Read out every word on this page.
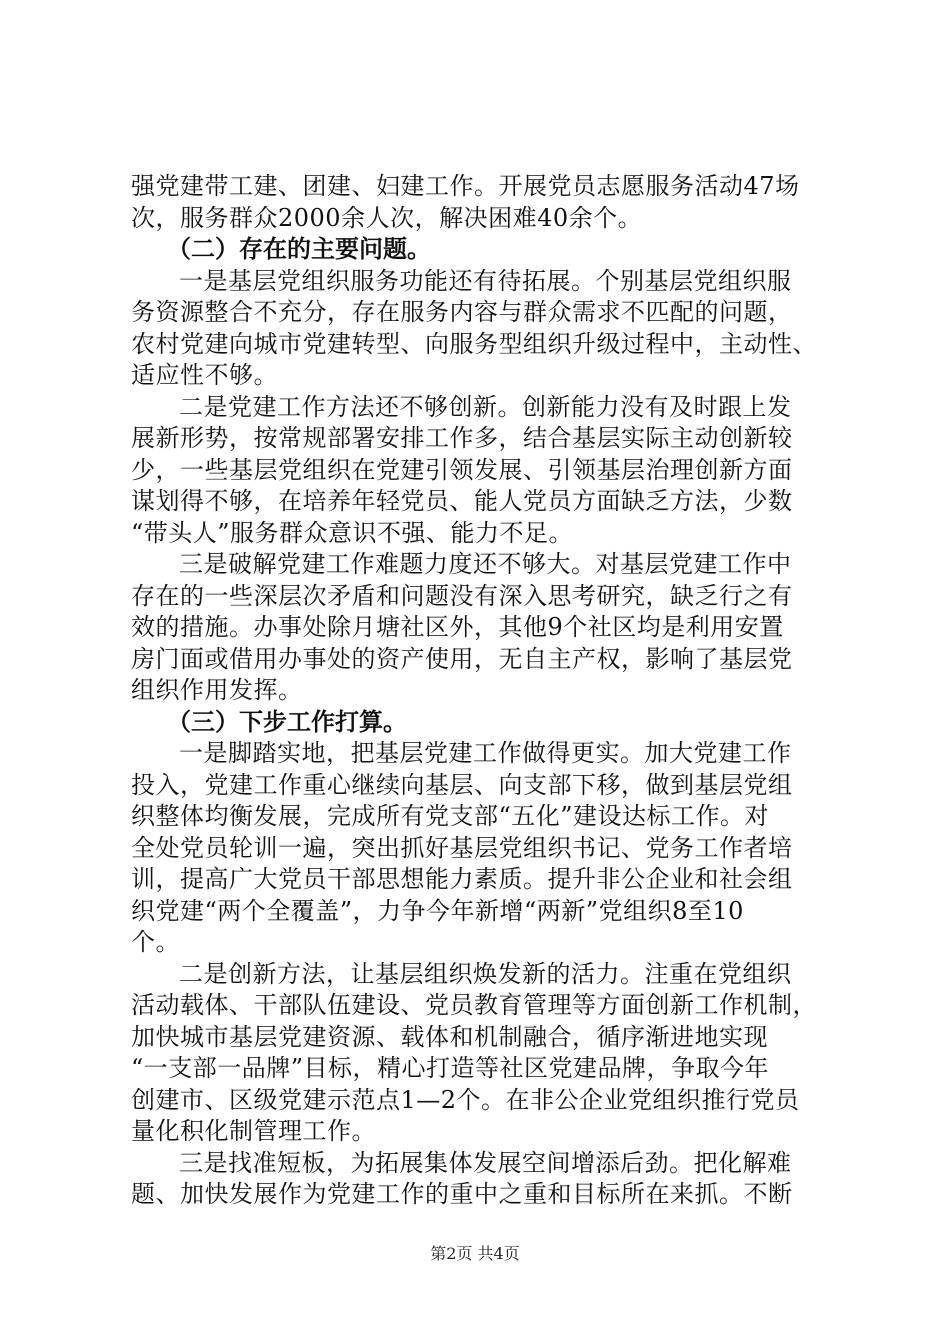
强党建带工建、团建、妇建工作。开展党员志愿服务活动47场
次，服务群众2000余人次，解决困难40余个。
（二）存在的主要问题。
一是基层党组织服务功能还有待拓展。个别基层党组织服
务资源整合不充分，存在服务内容与群众需求不匹配的问题，
农村党建向城市党建转型、向服务型组织升级过程中，主动性、
适应性不够。
二是党建工作方法还不够创新。创新能力没有及时跟上发
展新形势，按常规部署安排工作多，结合基层实际主动创新较
少，一些基层党组织在党建引领发展、引领基层治理创新方面
谋划得不够，在培养年轻党员、能人党员方面缺乏方法，少数
“带头人”服务群众意识不强、能力不足。
三是破解党建工作难题力度还不够大。对基层党建工作中
存在的一些深层次矛盾和问题没有深入思考研究，缺乏行之有
效的措施。办事处除月塘社区外，其他9个社区均是利用安置
房门面或借用办事处的资产使用，无自主产权，影响了基层党
组织作用发挥。
（三）下步工作打算。
一是脚踏实地，把基层党建工作做得更实。加大党建工作
投入，党建工作重心继续向基层、向支部下移，做到基层党组
织整体均衡发展，完成所有党支部“五化”建设达标工作。对
全处党员轮训一遍，突出抓好基层党组织书记、党务工作者培
训，提高广大党员干部思想能力素质。提升非公企业和社会组
织党建“两个全覆盖”，力争今年新增“两新”党组织8至10
个。
二是创新方法，让基层组织焕发新的活力。注重在党组织
活动载体、干部队伍建设、党员教育管理等方面创新工作机制，
加快城市基层党建资源、载体和机制融合，循序渐进地实现
“一支部一品牌”目标，精心打造等社区党建品牌，争取今年
创建市、区级党建示范点1—2个。在非公企业党组织推行党员
量化积化制管理工作。
三是找准短板，为拓展集体发展空间增添后劲。把化解难
题、加快发展作为党建工作的重中之重和目标所在来抓。不断
第2页 共4页
